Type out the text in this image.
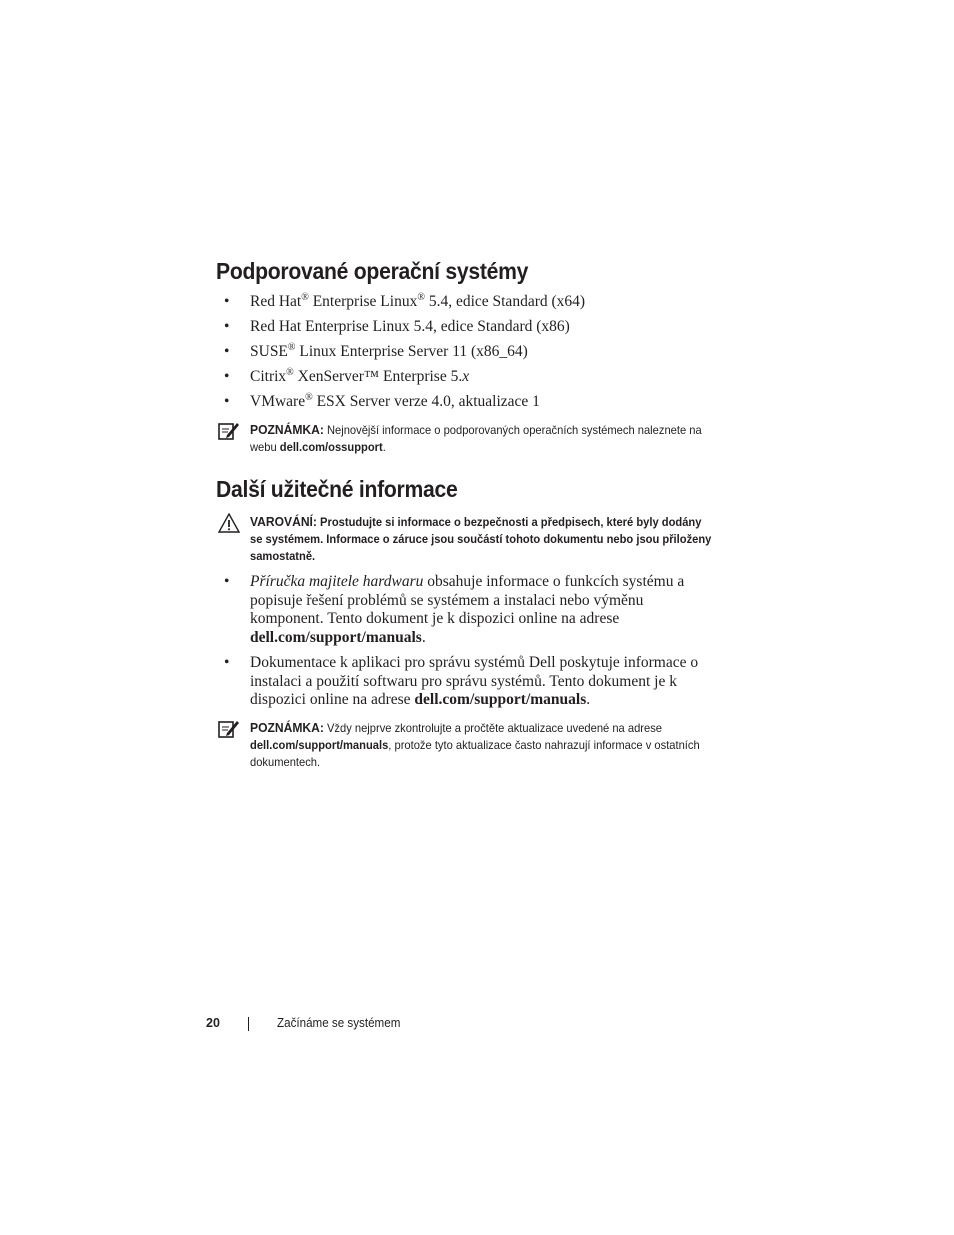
Podporované operační systémy
• Red Hat® Enterprise Linux® 5.4, edice Standard (x64)
• Red Hat Enterprise Linux 5.4, edice Standard (x86)
• SUSE® Linux Enterprise Server 11 (x86_64)
• Citrix® XenServer™ Enterprise 5.x
• VMware® ESX Server verze 4.0, aktualizace 1
POZNÁMKA: Nejnovější informace o podporovaných operačních systémech naleznete na webu dell.com/ossupport.
Další užitečné informace
VAROVÁNÍ: Prostudujte si informace o bezpečnosti a předpisech, které byly dodány se systémem. Informace o záruce jsou součástí tohoto dokumentu nebo jsou přiloženy samostatně.
• Příručka majitele hardwaru obsahuje informace o funkcích systému a popisuje řešení problémů se systémem a instalaci nebo výměnu komponent. Tento dokument je k dispozici online na adrese dell.com/support/manuals.
• Dokumentace k aplikaci pro správu systémů Dell poskytuje informace o instalaci a použití softwaru pro správu systémů. Tento dokument je k dispozici online na adrese dell.com/support/manuals.
POZNÁMKA: Vždy nejprve zkontrolujte a pročtěte aktualizace uvedené na adrese dell.com/support/manuals, protože tyto aktualizace často nahrazují informace v ostatních dokumentech.
20	Začínáme se systémem
